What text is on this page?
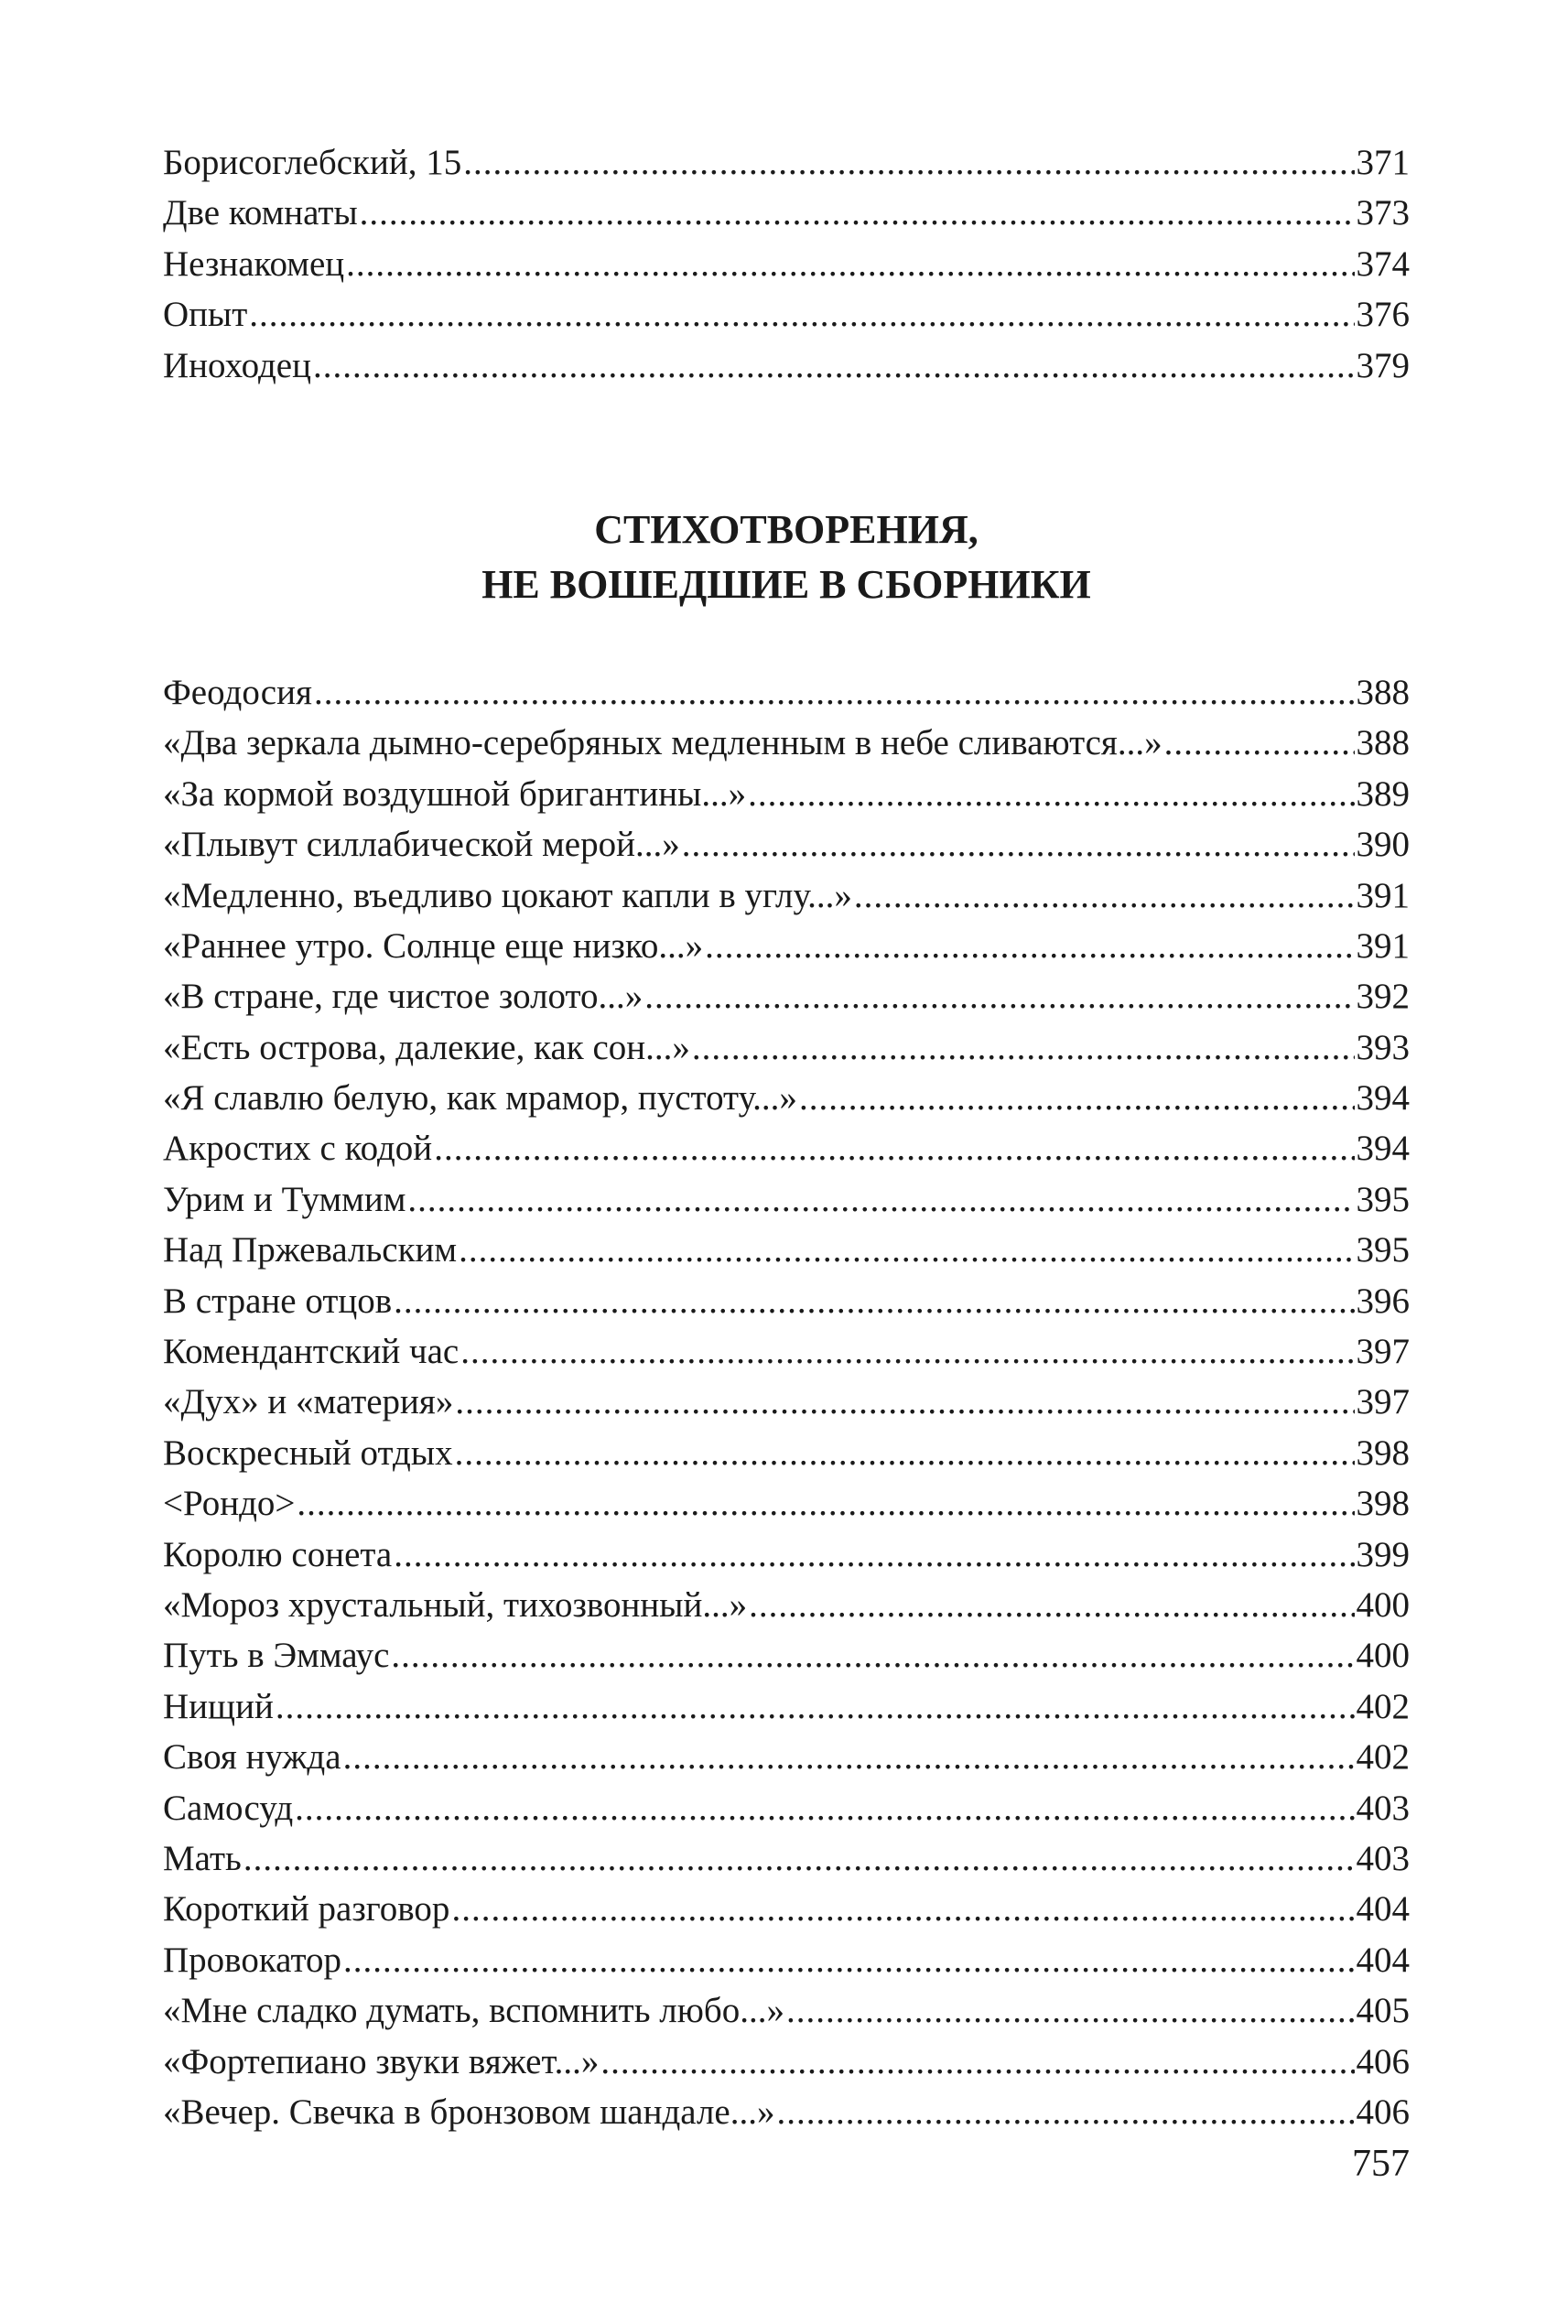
Борисоглебский, 15 .....	371
Две комнаты .....	373
Незнакомец .....	374
Опыт .....	376
Иноходец .....	379

СТИХОТВОРЕНИЯ,

НЕ ВОШЕДШИЕ В СБОРНИКИ

Феодосия .....	388
«Два зеркала дымно-серебряных медленным в небе сливаются...» .....	388
«За кормой воздушной бригантины...» .....	389
«Плывут силлабической мерой...» .....	390
«Медленно, въедливо цокают капли в углу...» .....	391
«Раннее утро. Солнце еще низко...» .....	391
«В стране, где чистое золото...» .....	392
«Есть острова, далекие, как сон...» .....	393
«Я славлю белую, как мрамор, пустоту...» .....	394
Акростих с кодой .....	394
Урим и Туммим .....	395
Над Пржевальским .....	395
В стране отцов .....	396
Комендантский час .....	397
«Дух» и «материя» .....	397
Воскресный отдых .....	398
<Рондо> .....	398
Королю сонета .....	399
«Мороз хрустальный, тихозвонный...» .....	400
Путь в Эммаус .....	400
Нищий .....	402
Своя нужда .....	402
Самосуд .....	403
Мать .....	403
Короткий разговор .....	404
Провокатор .....	404
«Мне сладко думать, вспомнить любо...» .....	405
«Фортепиано звуки вяжет...» .....	406
«Вечер. Свечка в бронзовом шандале...» .....	406
757
